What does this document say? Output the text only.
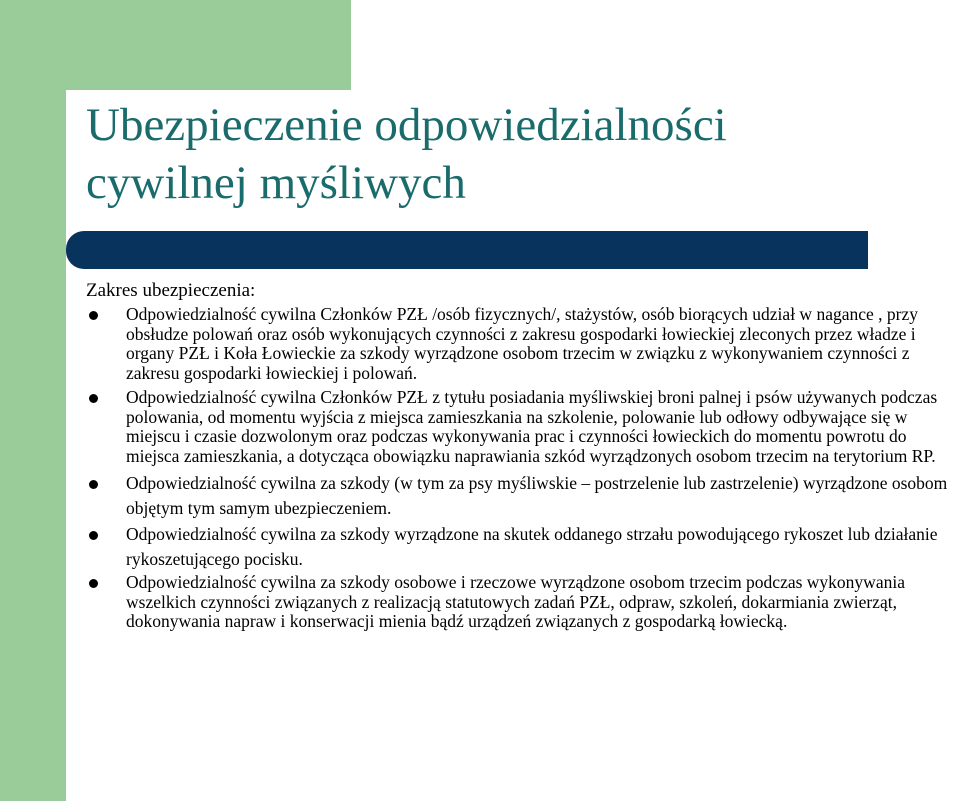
Ubezpieczenie odpowiedzialności
cywilnej myśliwych
Zakres ubezpieczenia:
Odpowiedzialność cywilna Członków PZŁ /osób fizycznych/, stażystów, osób biorących udział w nagance , przy obsłudze polowań oraz osób wykonujących czynności z zakresu gospodarki łowieckiej zleconych przez władze i organy PZŁ i Koła Łowieckie za szkody wyrządzone osobom trzecim w związku z wykonywaniem czynności z zakresu gospodarki łowieckiej i polowań.
Odpowiedzialność cywilna Członków PZŁ z tytułu posiadania myśliwskiej broni palnej i psów używanych podczas polowania, od momentu wyjścia z miejsca zamieszkania na szkolenie, polowanie lub odłowy odbywające się w miejscu i czasie dozwolonym oraz podczas wykonywania prac i czynności łowieckich do momentu powrotu do miejsca zamieszkania, a dotycząca obowiązku naprawiania szkód wyrządzonych osobom trzecim na terytorium RP.
Odpowiedzialność cywilna za szkody (w tym za psy myśliwskie – postrzelenie lub zastrzelenie) wyrządzone osobom objętym tym samym ubezpieczeniem.
Odpowiedzialność cywilna za szkody wyrządzone na skutek oddanego strzału powodującego rykoszet lub działanie rykoszetującego pocisku.
Odpowiedzialność cywilna za szkody osobowe i rzeczowe wyrządzone osobom trzecim podczas wykonywania wszelkich czynności związanych z realizacją statutowych zadań PZŁ, odpraw, szkoleń, dokarmiania zwierząt, dokonywania napraw i konserwacji mienia bądź urządzeń związanych z gospodarką łowiecką.
